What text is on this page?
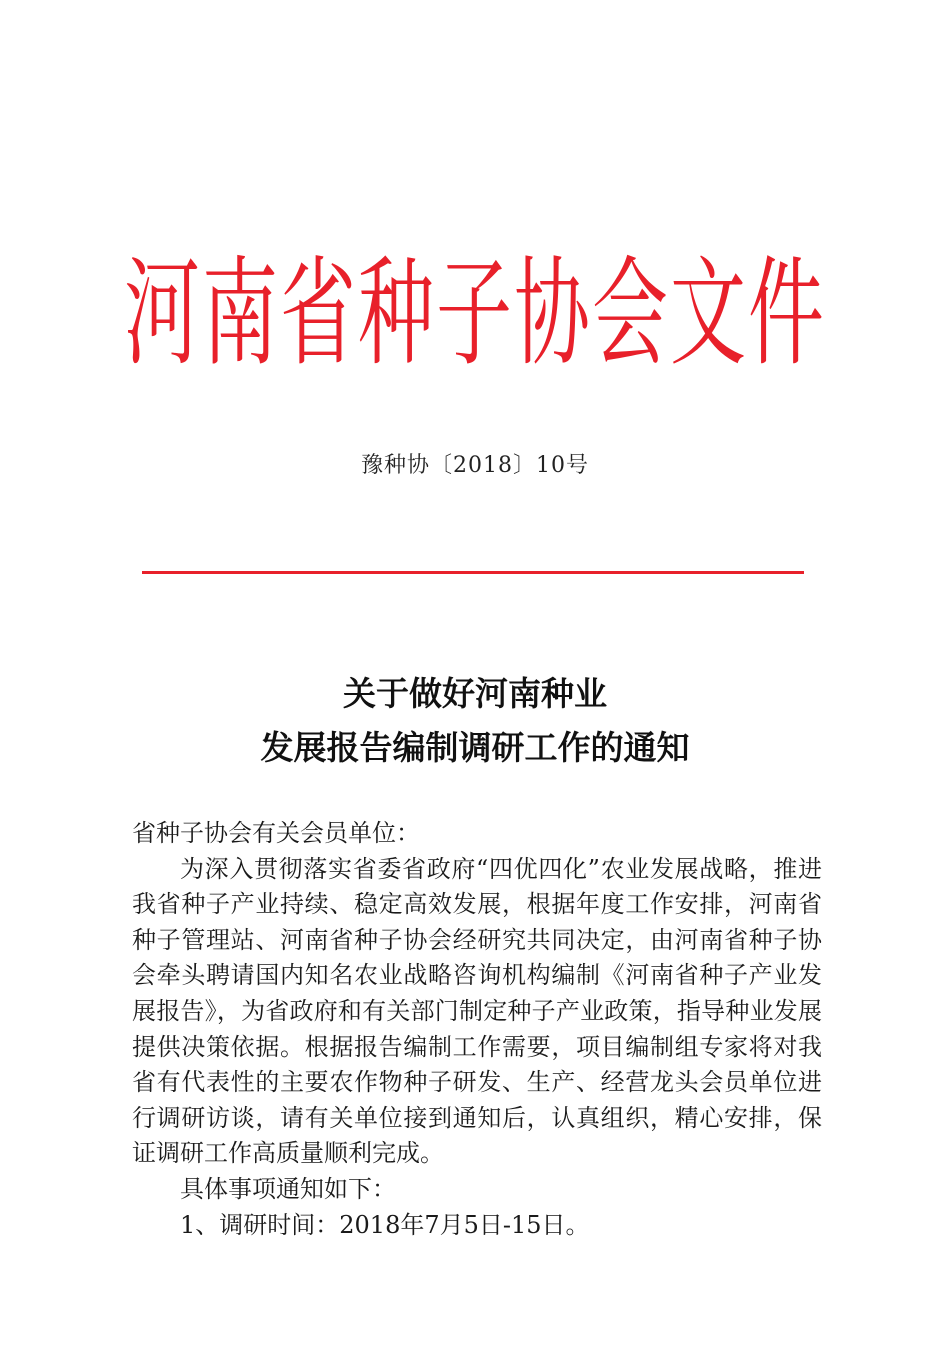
河南省种子协会文件
豫种协〔2018〕10号
关于做好河南种业
发展报告编制调研工作的通知

省种子协会有关会员单位：

为深入贯彻落实省委省政府“四优四化”农业发展战略，推进我省种子产业持续、稳定高效发展，根据年度工作安排，河南省种子管理站、河南省种子协会经研究共同决定，由河南省种子协会牵头聘请国内知名农业战略咨询机构编制《河南省种子产业发展报告》，为省政府和有关部门制定种子产业政策，指导种业发展提供决策依据。根据报告编制工作需要，项目编制组专家将对我省有代表性的主要农作物种子研发、生产、经营龙头会员单位进行调研访谈，请有关单位接到通知后，认真组织，精心安排，保证调研工作高质量顺利完成。

具体事项通知如下：

1、调研时间：2018年7月5日-15日。
